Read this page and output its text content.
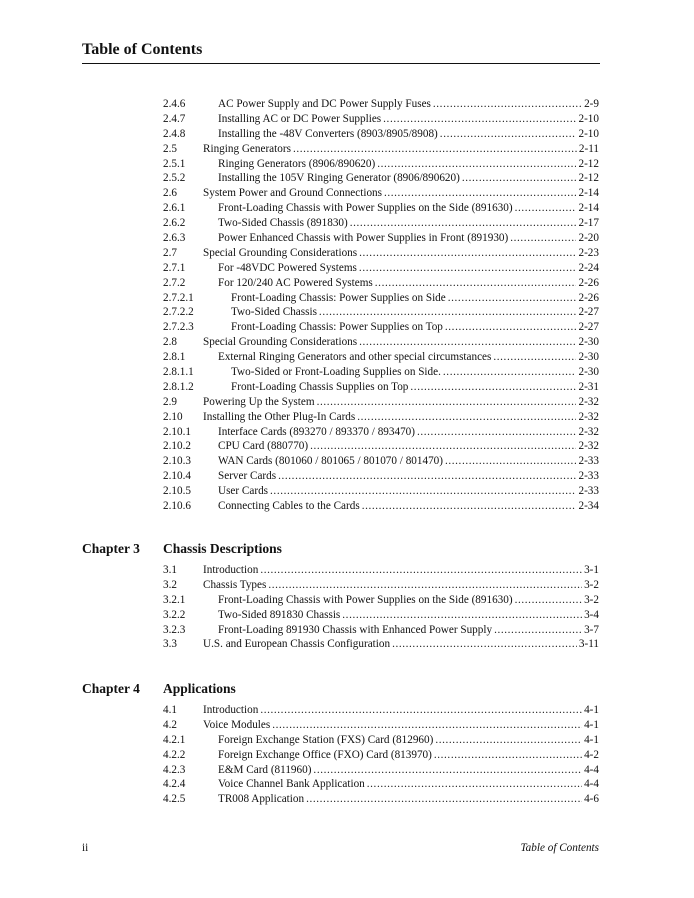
Table of Contents
2.4.6	AC Power Supply and DC Power Supply Fuses . . .	2-9
2.4.7	Installing AC or DC Power Supplies . . .	2-10
2.4.8	Installing the -48V Converters (8903/8905/8908) . . .	2-10
2.5	Ringing Generators . . .	2-11
2.5.1	Ringing Generators (8906/890620) . . .	2-12
2.5.2	Installing the 105V Ringing Generator (8906/890620) . . .	2-12
2.6	System Power and Ground Connections . . .	2-14
2.6.1	Front-Loading Chassis with Power Supplies on the Side (891630) . . .	2-14
2.6.2	Two-Sided Chassis (891830) . . .	2-17
2.6.3	Power Enhanced Chassis with Power Supplies in Front (891930) . . .	2-20
2.7	Special Grounding Considerations . . .	2-23
2.7.1	For -48VDC Powered Systems . . .	2-24
2.7.2	For 120/240 AC Powered Systems . . .	2-26
2.7.2.1	Front-Loading Chassis: Power Supplies on Side . . .	2-26
2.7.2.2	Two-Sided Chassis . . .	2-27
2.7.2.3	Front-Loading Chassis: Power Supplies on Top . . .	2-27
2.8	Special Grounding Considerations . . .	2-30
2.8.1	External Ringing Generators and other special circumstances . . .	2-30
2.8.1.1	Two-Sided or Front-Loading Supplies on Side. . . .	2-30
2.8.1.2	Front-Loading Chassis Supplies on Top . . .	2-31
2.9	Powering Up the System . . .	2-32
2.10	Installing the Other Plug-In Cards . . .	2-32
2.10.1	Interface Cards (893270 / 893370 / 893470) . . .	2-32
2.10.2	CPU Card (880770) . . .	2-32
2.10.3	WAN Cards (801060 / 801065 / 801070 / 801470) . . .	2-33
2.10.4	Server Cards . . .	2-33
2.10.5	User Cards . . .	2-33
2.10.6	Connecting Cables to the Cards . . .	2-34
Chapter 3 Chassis Descriptions
3.1	Introduction . . .	3-1
3.2	Chassis Types . . .	3-2
3.2.1	Front-Loading Chassis with Power Supplies on the Side (891630) . . .	3-2
3.2.2	Two-Sided 891830 Chassis . . .	3-4
3.2.3	Front-Loading 891930 Chassis with Enhanced Power Supply . . .	3-7
3.3	U.S. and European Chassis Configuration . . .	3-11
Chapter 4 Applications
4.1	Introduction . . .	4-1
4.2	Voice Modules . . .	4-1
4.2.1	Foreign Exchange Station (FXS) Card (812960) . . .	4-1
4.2.2	Foreign Exchange Office (FXO) Card (813970) . . .	4-2
4.2.3	E&M Card (811960) . . .	4-4
4.2.4	Voice Channel Bank Application . . .	4-4
4.2.5	TR008 Application . . .	4-6
ii	Table of Contents
